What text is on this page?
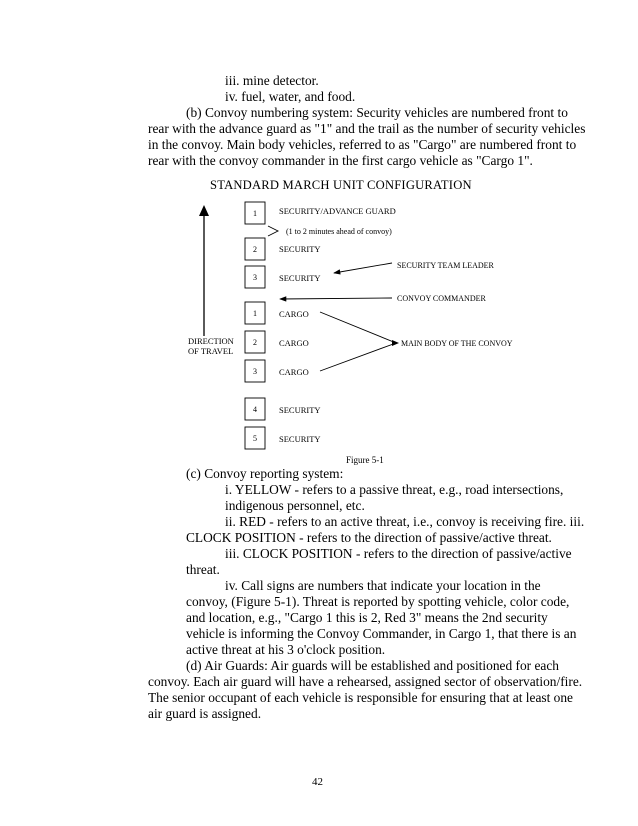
iii. mine detector.
iv. fuel, water, and food.
(b) Convoy numbering system: Security vehicles are numbered front to
rear with the advance guard as "1" and the trail as the number of security vehicles
in the convoy. Main body vehicles, referred to as "Cargo" are numbered front to
rear with the convoy commander in the first cargo vehicle as "Cargo 1".
STANDARD MARCH UNIT CONFIGURATION
DIRECTION
OF TRAVEL
1
2
3
1
2
3
4
5
SECURITY/ADVANCE GUARD
SECURITY
SECURITY
CARGO
CARGO
CARGO
SECURITY
SECURITY
(1 to 2 minutes ahead of convoy)
SECURITY TEAM LEADER
CONVOY COMMANDER
MAIN BODY OF THE CONVOY
Figure 5-1
(c) Convoy reporting system:
i. YELLOW - refers to a passive threat, e.g., road intersections,
indigenous personnel, etc.
ii. RED - refers to an active threat, i.e., convoy is receiving fire. iii.
CLOCK POSITION - refers to the direction of passive/active threat.
iii. CLOCK POSITION - refers to the direction of passive/active
threat.
iv. Call signs are numbers that indicate your location in the
convoy, (Figure 5-1). Threat is reported by spotting vehicle, color code,
and location, e.g., "Cargo 1 this is 2, Red 3" means the 2nd security
vehicle is informing the Convoy Commander, in Cargo 1, that there is an
active threat at his 3 o'clock position.
(d) Air Guards: Air guards will be established and positioned for each
convoy. Each air guard will have a rehearsed, assigned sector of observation/fire.
The senior occupant of each vehicle is responsible for ensuring that at least one
air guard is assigned.
42
